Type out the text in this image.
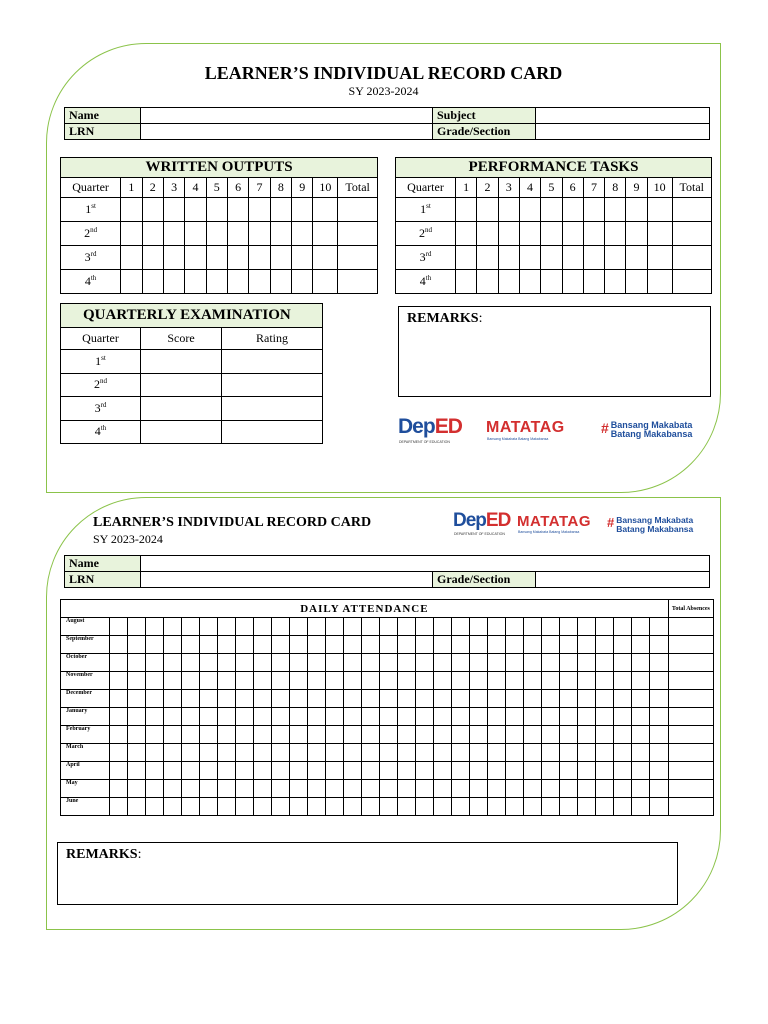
LEARNER’S INDIVIDUAL RECORD CARD
SY 2023-2024
Name		Subject	
LRN		Grade/Section	
WRITTEN OUTPUTS											
Quarter	1	2	3	4	5	6	7	8	9	10	Total
1st											
2nd											
3rd											
4th											
PERFORMANCE TASKS											
Quarter	1	2	3	4	5	6	7	8	9	10	Total
1st											
2nd											
3rd											
4th											
QUARTERLY EXAMINATION		
Quarter	Score	Rating
1st		
2nd		
3rd		
4th		
REMARKS:
DepED
DEPARTMENT OF EDUCATION
MATATAG
Bansang Makabata Batang Makabansa
# Bansang Makabata
Batang Makabansa
LEARNER’S INDIVIDUAL RECORD CARD
SY 2023-2024
DepED
DEPARTMENT OF EDUCATION
MATATAG
Bansang Makabata Batang Makabansa
# Bansang Makabata
Batang Makabansa
Name			
LRN		Grade/Section	
DAILY ATTENDANCE																																Total Absences
August																																
September																																
October																																
November																																
December																																
January																																
February																																
March																																
April																																
May																																
June																																
REMARKS:
